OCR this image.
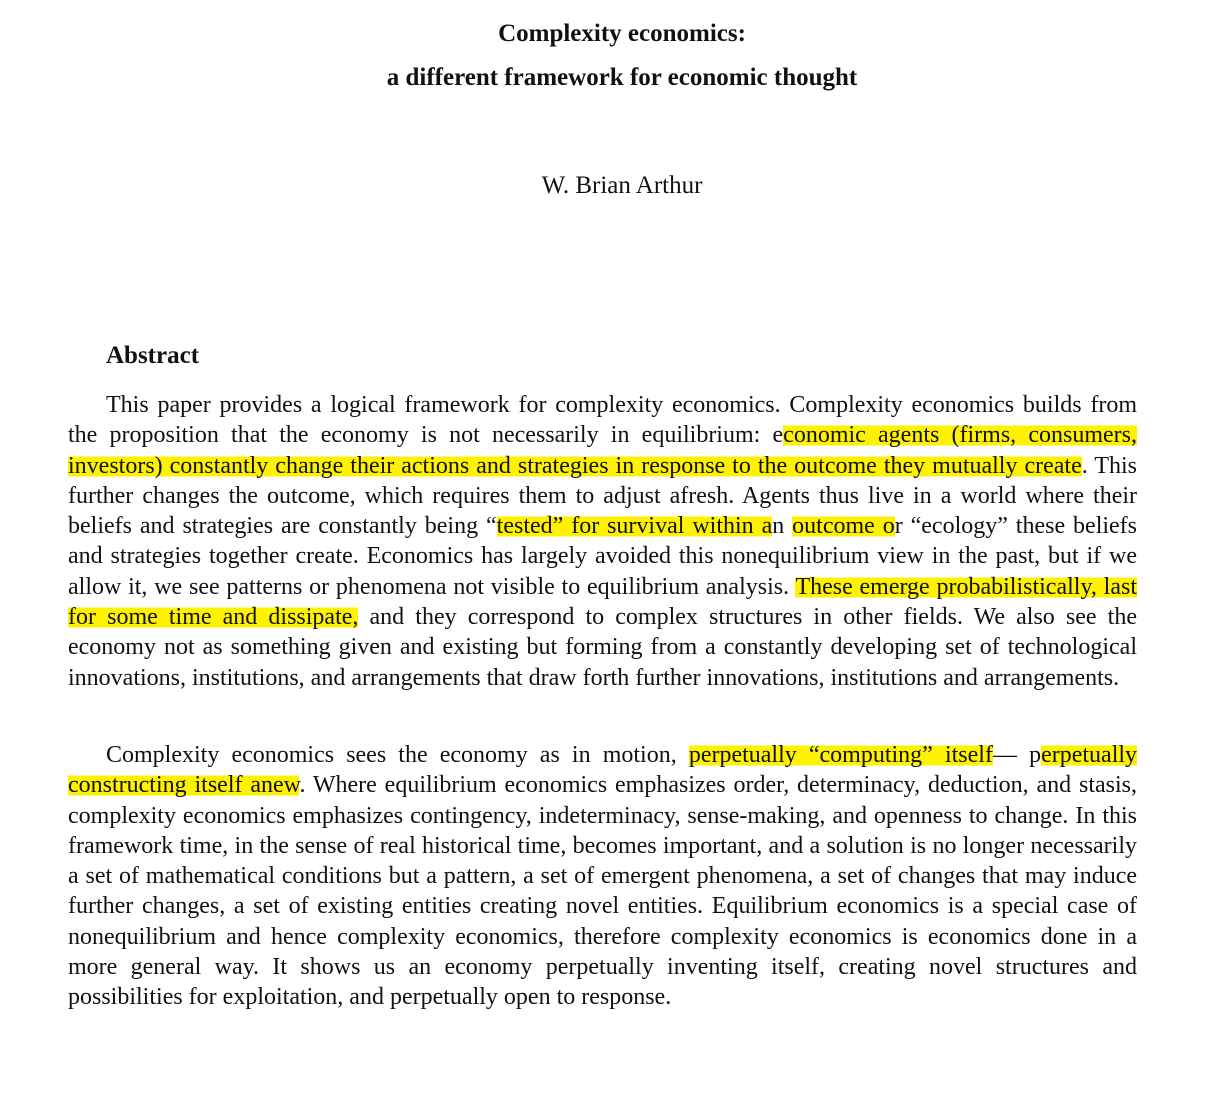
Complexity economics:
a different framework for economic thought
W. Brian Arthur
Abstract

This paper provides a logical framework for complexity economics. Complexity economics builds from the proposition that the economy is not necessarily in equilibrium: economic agents (firms, consumers, investors) constantly change their actions and strategies in response to the outcome they mutually create. This further changes the outcome, which requires them to adjust afresh. Agents thus live in a world where their beliefs and strategies are constantly being “tested” for survival within an outcome or “ecology” these beliefs and strategies together create. Economics has largely avoided this nonequilibrium view in the past, but if we allow it, we see patterns or phenomena not visible to equilibrium analysis. These emerge probabilistically, last for some time and dissipate, and they correspond to complex structures in other fields. We also see the economy not as something given and existing but forming from a constantly developing set of technological innovations, institutions, and arrangements that draw forth further innovations, institutions and arrangements.

Complexity economics sees the economy as in motion, perpetually “computing” itself— perpetually constructing itself anew. Where equilibrium economics emphasizes order, determinacy, deduction, and stasis, complexity economics emphasizes contingency, indeterminacy, sense-making, and openness to change. In this framework time, in the sense of real historical time, becomes important, and a solution is no longer necessarily a set of mathematical conditions but a pattern, a set of emergent phenomena, a set of changes that may induce further changes, a set of existing entities creating novel entities. Equilibrium economics is a special case of nonequilibrium and hence complexity economics, therefore complexity economics is economics done in a more general way. It shows us an economy perpetually inventing itself, creating novel structures and possibilities for exploitation, and perpetually open to response.
